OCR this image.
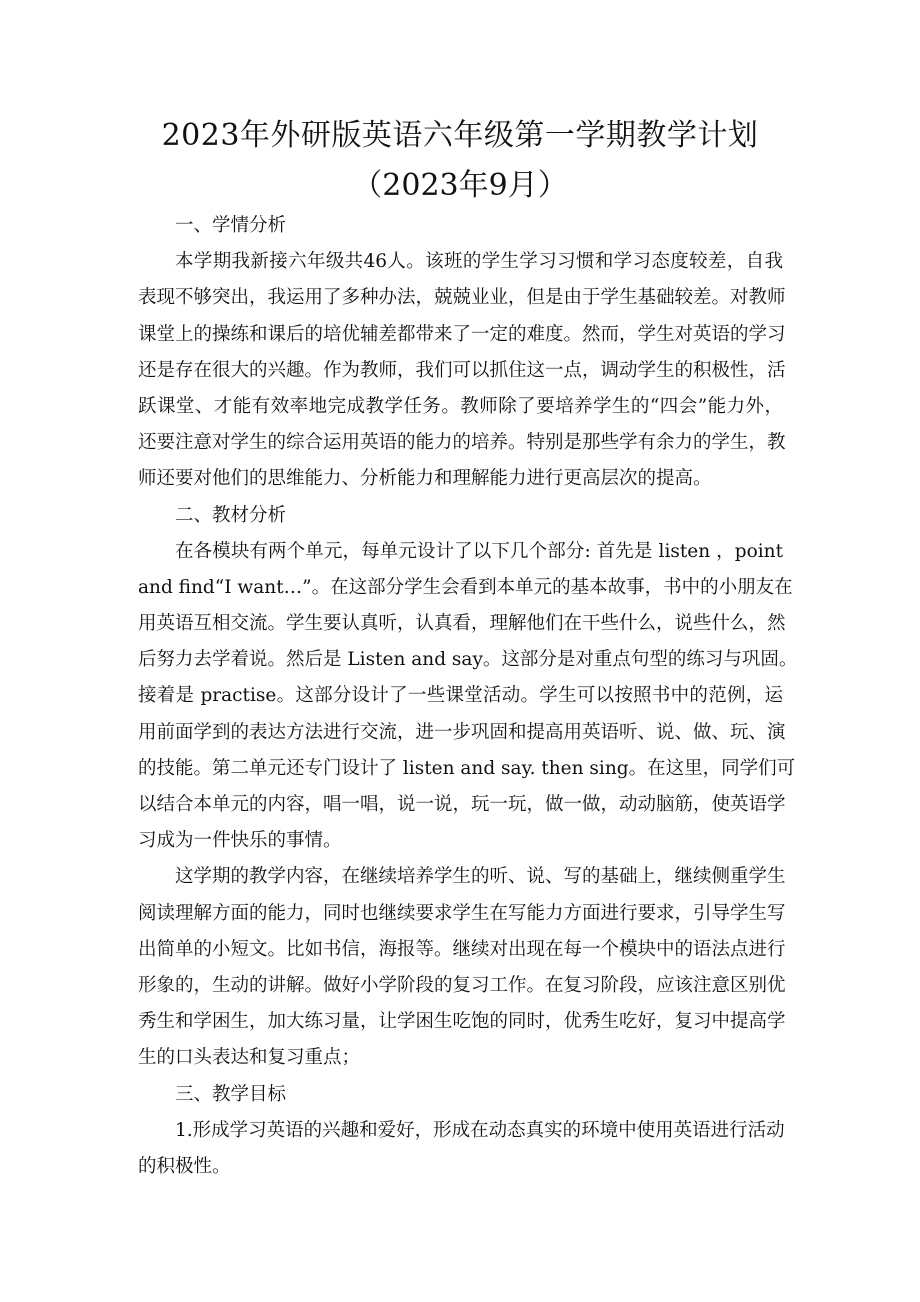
2023年外研版英语六年级第一学期教学计划
（2023年9月）
一、学情分析
本学期我新接六年级共46人。该班的学生学习习惯和学习态度较差，自我
表现不够突出，我运用了多种办法，兢兢业业，但是由于学生基础较差。对教师
课堂上的操练和课后的培优辅差都带来了一定的难度。然而，学生对英语的学习
还是存在很大的兴趣。作为教师，我们可以抓住这一点，调动学生的积极性，活
跃课堂、才能有效率地完成教学任务。教师除了要培养学生的“四会”能力外，
还要注意对学生的综合运用英语的能力的培养。特别是那些学有余力的学生，教
师还要对他们的思维能力、分析能力和理解能力进行更高层次的提高。
二、教材分析
在各模块有两个单元，每单元设计了以下几个部分: 首先是 listen ，point
and find“I want…”。在这部分学生会看到本单元的基本故事，书中的小朋友在
用英语互相交流。学生要认真听，认真看，理解他们在干些什么，说些什么，然
后努力去学着说。然后是 Listen and say。这部分是对重点句型的练习与巩固。
接着是 practise。这部分设计了一些课堂活动。学生可以按照书中的范例，运
用前面学到的表达方法进行交流，进一步巩固和提高用英语听、说、做、玩、演
的技能。第二单元还专门设计了 listen and say. then sing。在这里，同学们可
以结合本单元的内容，唱一唱，说一说，玩一玩，做一做，动动脑筋，使英语学
习成为一件快乐的事情。
这学期的教学内容，在继续培养学生的听、说、写的基础上，继续侧重学生
阅读理解方面的能力，同时也继续要求学生在写能力方面进行要求，引导学生写
出简单的小短文。比如书信，海报等。继续对出现在每一个模块中的语法点进行
形象的，生动的讲解。做好小学阶段的复习工作。在复习阶段，应该注意区别优
秀生和学困生，加大练习量，让学困生吃饱的同时，优秀生吃好，复习中提高学
生的口头表达和复习重点；
三、教学目标
1.形成学习英语的兴趣和爱好，形成在动态真实的环境中使用英语进行活动
的积极性。
